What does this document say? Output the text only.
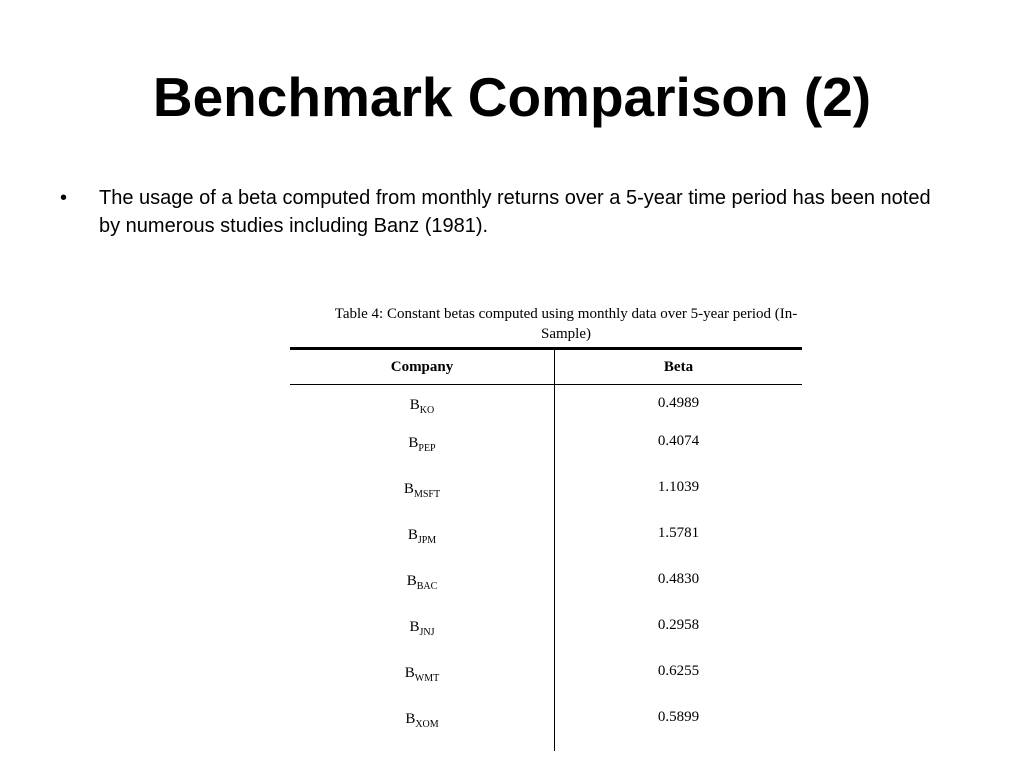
Benchmark Comparison (2)
• The usage of a beta computed from monthly returns over a 5-year time period has been noted by numerous studies including Banz (1981).
Table 4: Constant betas computed using monthly data over 5-year period (In-Sample)
Company	Beta
$B_{KO}$	0.4989
$B_{PEP}$	0.4074
$B_{MSFT}$	1.1039
$B_{JPM}$	1.5781
$B_{BAC}$	0.4830
$B_{JNJ}$	0.2958
$B_{WMT}$	0.6255
$B_{XOM}$	0.5899
